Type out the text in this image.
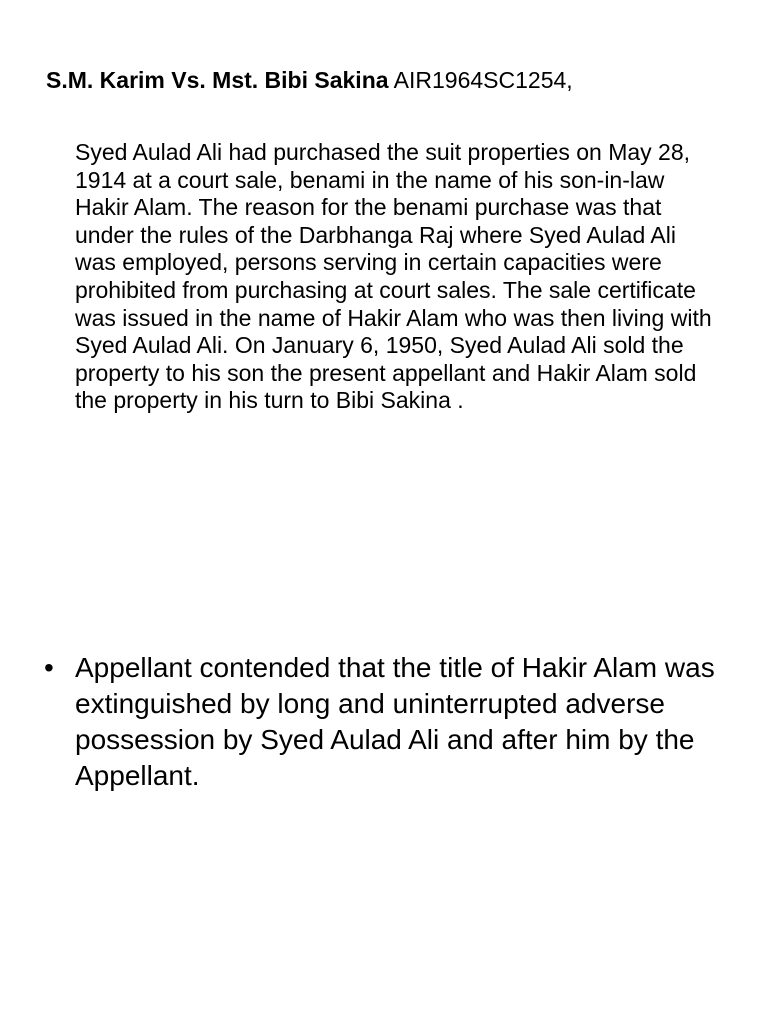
S.M. Karim Vs. Mst. Bibi Sakina AIR1964SC1254,
Syed Aulad Ali had purchased the suit properties on May 28, 1914 at a court sale, benami in the name of his son-in-law Hakir Alam. The reason for the benami purchase was that under the rules of the Darbhanga Raj where Syed Aulad Ali was employed, persons serving in certain capacities were prohibited from purchasing at court sales. The sale certificate was issued in the name of Hakir Alam who was then living with Syed Aulad Ali. On January 6, 1950, Syed Aulad Ali sold the property to his son the present appellant and Hakir Alam sold the property in his turn to Bibi Sakina .
• Appellant contended that the title of Hakir Alam was extinguished by long and uninterrupted adverse possession by Syed Aulad Ali and after him by the Appellant.
